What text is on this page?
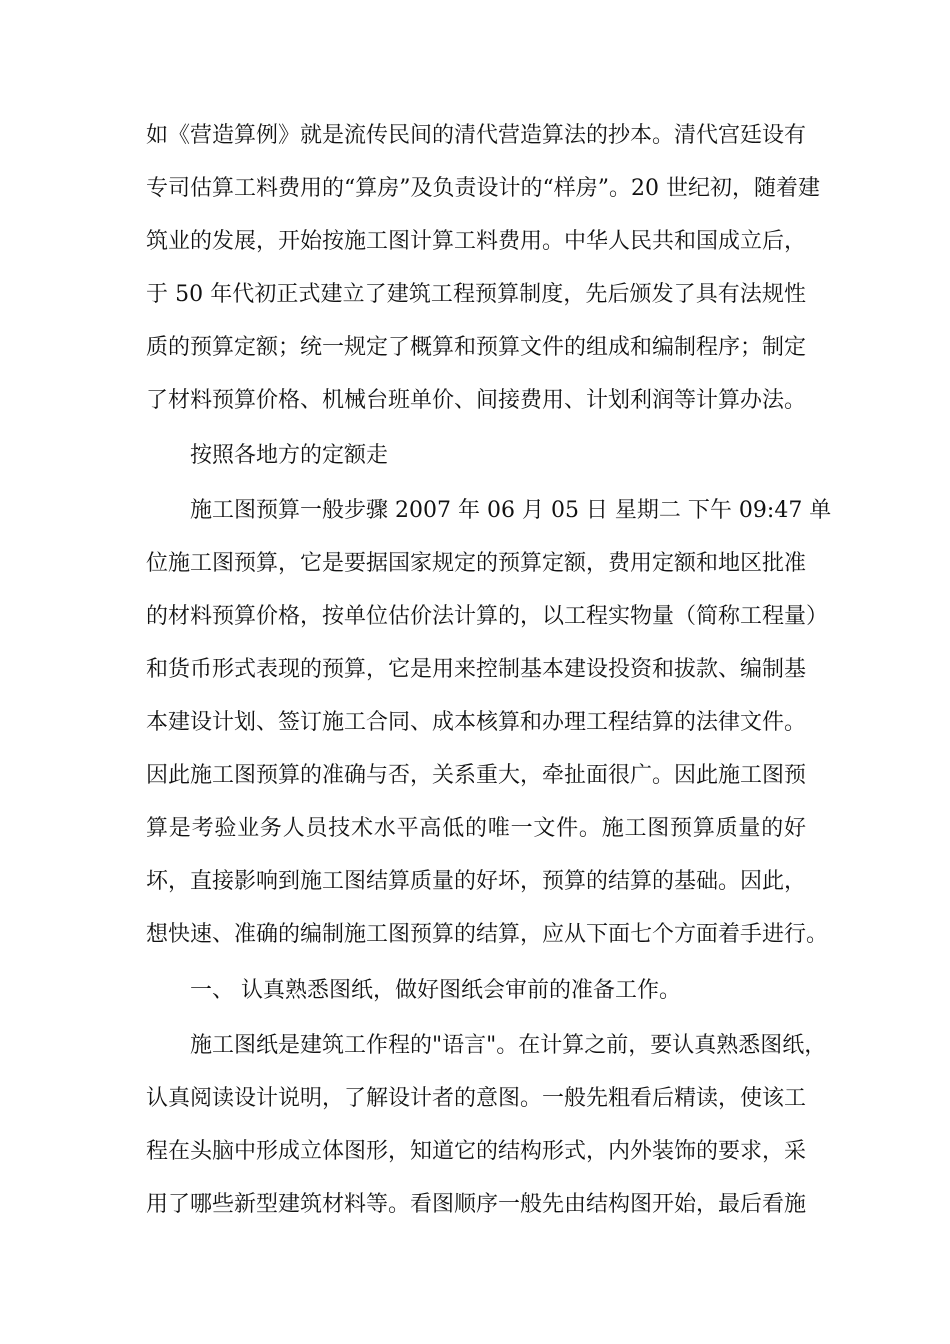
如《营造算例》就是流传民间的清代营造算法的抄本。清代宫廷设有
专司估算工料费用的“算房”及负责设计的“样房”。20 世纪初，随着建
筑业的发展，开始按施工图计算工料费用。中华人民共和国成立后，
于 50 年代初正式建立了建筑工程预算制度，先后颁发了具有法规性
质的预算定额；统一规定了概算和预算文件的组成和编制程序；制定
了材料预算价格、机械台班单价、间接费用、计划利润等计算办法。
按照各地方的定额走
施工图预算一般步骤 2007 年 06 月 05 日 星期二 下午 09:47 单
位施工图预算，它是要据国家规定的预算定额，费用定额和地区批准
的材料预算价格，按单位估价法计算的，以工程实物量（简称工程量）
和货币形式表现的预算，它是用来控制基本建设投资和拔款、编制基
本建设计划、签订施工合同、成本核算和办理工程结算的法律文件。
因此施工图预算的准确与否，关系重大，牵扯面很广。因此施工图预
算是考验业务人员技术水平高低的唯一文件。施工图预算质量的好
坏，直接影响到施工图结算质量的好坏，预算的结算的基础。因此，
想快速、准确的编制施工图预算的结算，应从下面七个方面着手进行。
一、 认真熟悉图纸，做好图纸会审前的准备工作。
施工图纸是建筑工作程的"语言"。在计算之前，要认真熟悉图纸，
认真阅读设计说明，了解设计者的意图。一般先粗看后精读，使该工
程在头脑中形成立体图形，知道它的结构形式，内外装饰的要求，采
用了哪些新型建筑材料等。看图顺序一般先由结构图开始，最后看施
